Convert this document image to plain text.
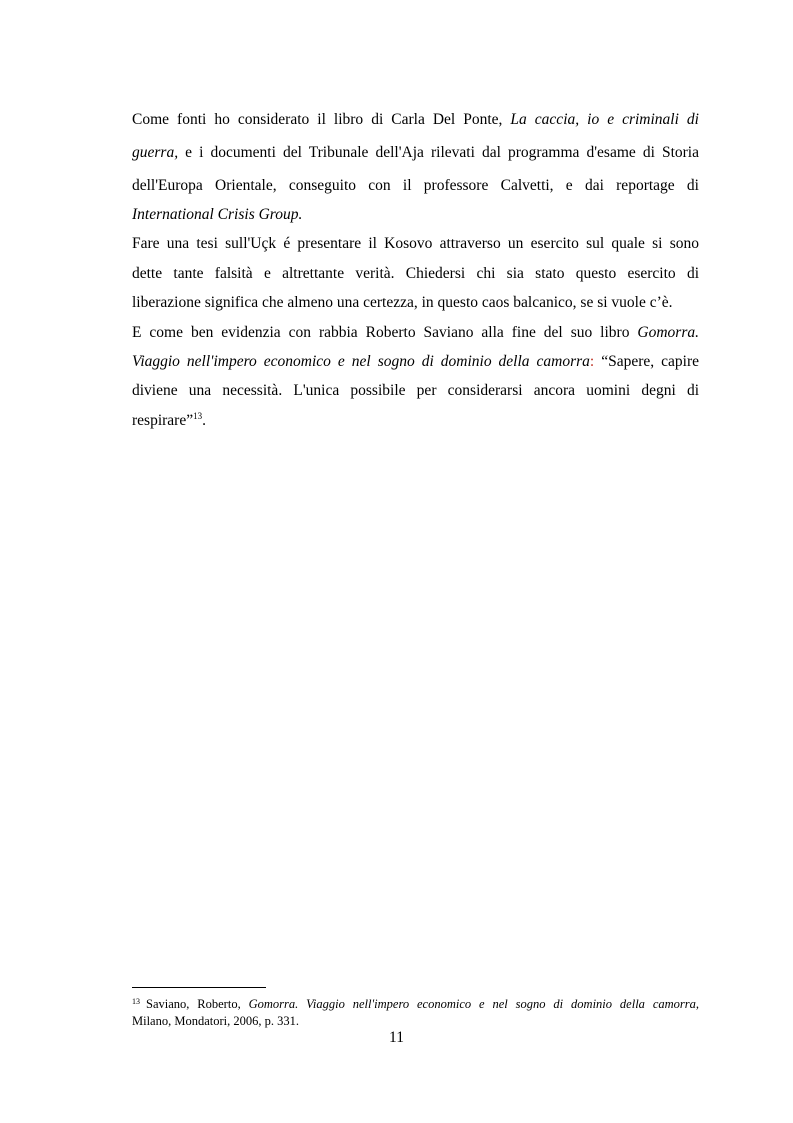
Come fonti ho considerato il libro di Carla Del Ponte, La caccia, io e criminali di
guerra, e i documenti del Tribunale dell'Aja rilevati dal programma d'esame di Storia
dell'Europa Orientale, conseguito con il professore Calvetti, e dai reportage di
International Crisis Group.
Fare una tesi sull'Uçk é presentare il Kosovo attraverso un esercito sul quale si sono
dette tante falsità e altrettante verità. Chiedersi chi sia stato questo esercito di
liberazione significa che almeno una certezza, in questo caos balcanico, se si vuole c’è.
E come ben evidenzia con rabbia Roberto Saviano alla fine del suo libro Gomorra.
Viaggio nell'impero economico e nel sogno di dominio della camorra: “Sapere, capire
diviene una necessità. L'unica possibile per considerarsi ancora uomini degni di
respirare”$^{13}$.
$^{13}$ Saviano, Roberto, Gomorra. Viaggio nell'impero economico e nel sogno di dominio della camorra,
Milano, Mondatori, 2006, p. 331.
11
